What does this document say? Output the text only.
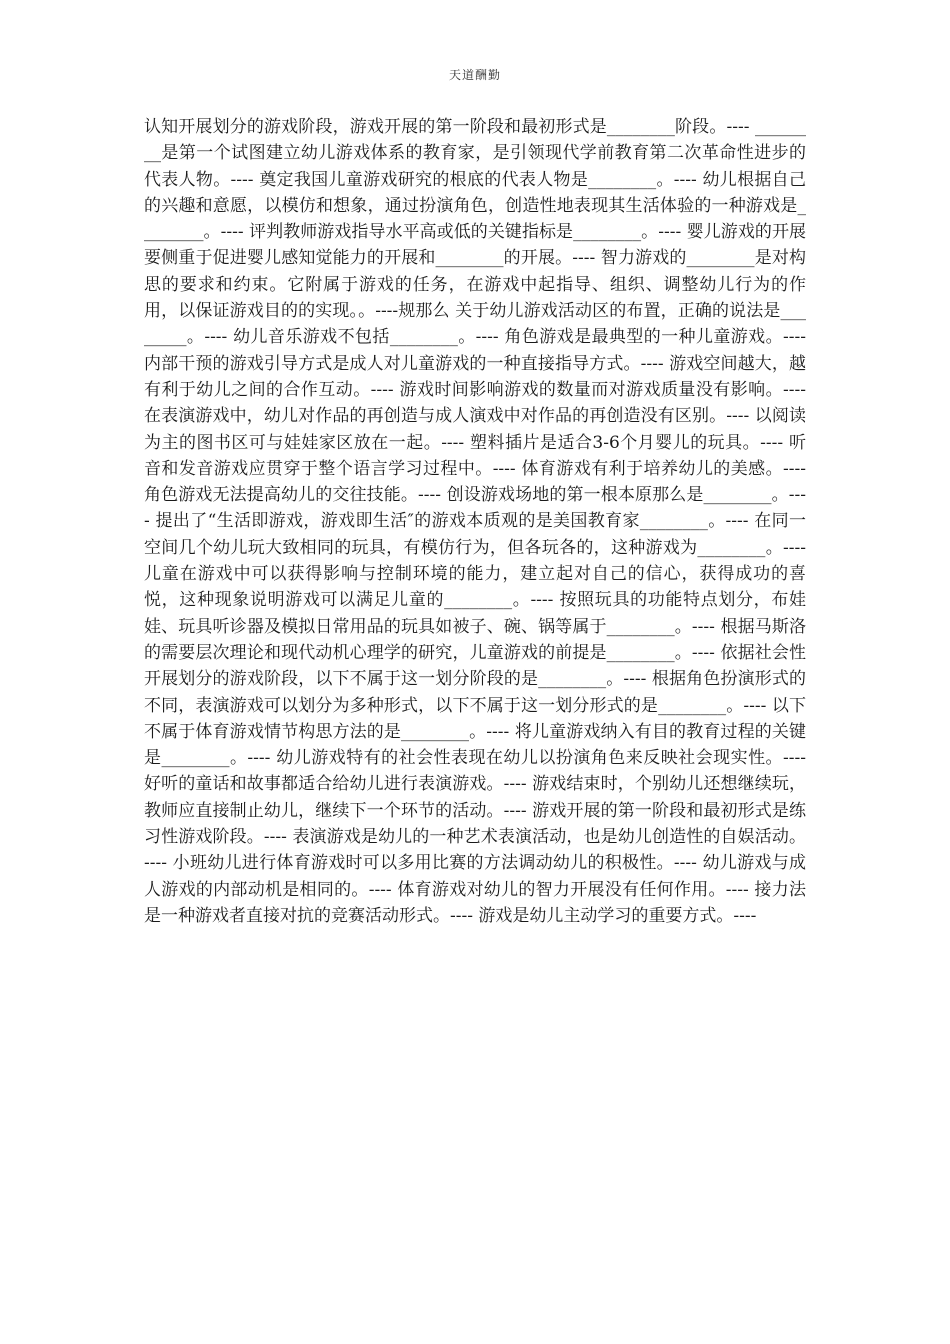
天道酬勤

认知开展划分的游戏阶段，游戏开展的第一阶段和最初形式是________阶段。---- ________是第一个试图建立幼儿游戏体系的教育家，是引领现代学前教育第二次革命性进步的代表人物。---- 奠定我国儿童游戏研究的根底的代表人物是________。---- 幼儿根据自己的兴趣和意愿，以模仿和想象，通过扮演角色，创造性地表现其生活体验的一种游戏是________。---- 评判教师游戏指导水平高或低的关键指标是________。---- 婴儿游戏的开展要侧重于促进婴儿感知觉能力的开展和________的开展。---- 智力游戏的________是对构思的要求和约束。它附属于游戏的任务，在游戏中起指导、组织、调整幼儿行为的作用，以保证游戏目的的实现。。----规那么 关于幼儿游戏活动区的布置，正确的说法是________。---- 幼儿音乐游戏不包括________。---- 角色游戏是最典型的一种儿童游戏。---- 内部干预的游戏引导方式是成人对儿童游戏的一种直接指导方式。---- 游戏空间越大，越有利于幼儿之间的合作互动。---- 游戏时间影响游戏的数量而对游戏质量没有影响。---- 在表演游戏中，幼儿对作品的再创造与成人演戏中对作品的再创造没有区别。---- 以阅读为主的图书区可与娃娃家区放在一起。---- 塑料插片是适合3-6个月婴儿的玩具。---- 听音和发音游戏应贯穿于整个语言学习过程中。---- 体育游戏有利于培养幼儿的美感。---- 角色游戏无法提高幼儿的交往技能。---- 创设游戏场地的第一根本原那么是________。---- 提出了“生活即游戏，游戏即生活″的游戏本质观的是美国教育家________。---- 在同一空间几个幼儿玩大致相同的玩具，有模仿行为，但各玩各的，这种游戏为________。---- 儿童在游戏中可以获得影响与控制环境的能力，建立起对自己的信心，获得成功的喜悦，这种现象说明游戏可以满足儿童的________。---- 按照玩具的功能特点划分，布娃娃、玩具听诊器及模拟日常用品的玩具如被子、碗、锅等属于________。---- 根据马斯洛的需要层次理论和现代动机心理学的研究，儿童游戏的前提是________。---- 依据社会性开展划分的游戏阶段，以下不属于这一划分阶段的是________。---- 根据角色扮演形式的不同，表演游戏可以划分为多种形式，以下不属于这一划分形式的是________。---- 以下不属于体育游戏情节构思方法的是________。---- 将儿童游戏纳入有目的教育过程的关键是________。---- 幼儿游戏特有的社会性表现在幼儿以扮演角色来反映社会现实性。---- 好听的童话和故事都适合给幼儿进行表演游戏。---- 游戏结束时，个别幼儿还想继续玩，教师应直接制止幼儿，继续下一个环节的活动。---- 游戏开展的第一阶段和最初形式是练习性游戏阶段。---- 表演游戏是幼儿的一种艺术表演活动，也是幼儿创造性的自娱活动。---- 小班幼儿进行体育游戏时可以多用比赛的方法调动幼儿的积极性。---- 幼儿游戏与成人游戏的内部动机是相同的。---- 体育游戏对幼儿的智力开展没有任何作用。---- 接力法是一种游戏者直接对抗的竞赛活动形式。---- 游戏是幼儿主动学习的重要方式。----
